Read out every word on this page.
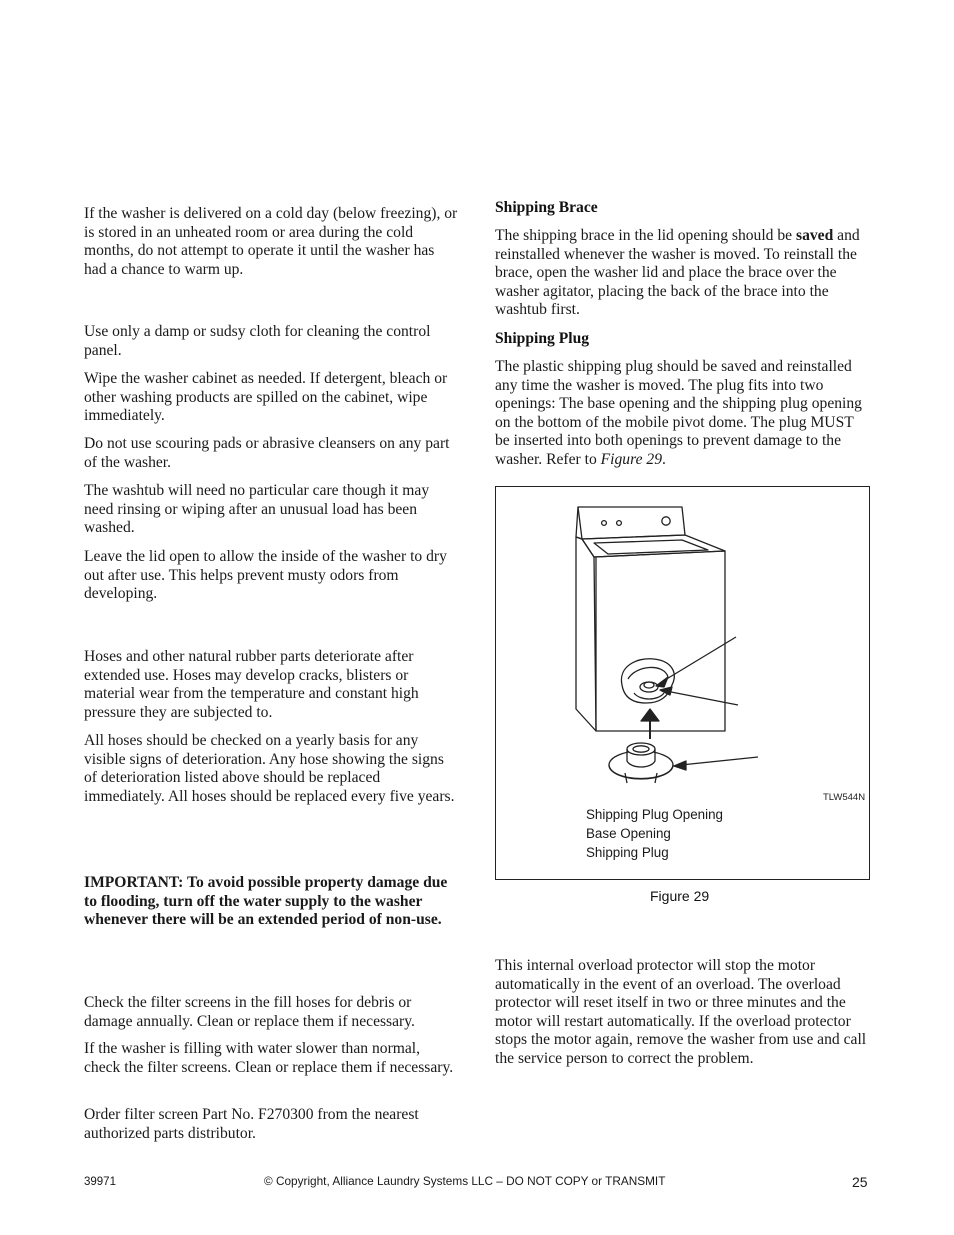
If the washer is delivered on a cold day (below freezing), or is stored in an unheated room or area during the cold months, do not attempt to operate it until the washer has had a chance to warm up.

Use only a damp or sudsy cloth for cleaning the control panel.

Wipe the washer cabinet as needed. If detergent, bleach or other washing products are spilled on the cabinet, wipe immediately.

Do not use scouring pads or abrasive cleansers on any part of the washer.

The washtub will need no particular care though it may need rinsing or wiping after an unusual load has been washed.

Leave the lid open to allow the inside of the washer to dry out after use. This helps prevent musty odors from developing.

Hoses and other natural rubber parts deteriorate after extended use. Hoses may develop cracks, blisters or material wear from the temperature and constant high pressure they are subjected to.

All hoses should be checked on a yearly basis for any visible signs of deterioration. Any hose showing the signs of deterioration listed above should be replaced immediately. All hoses should be replaced every five years.

IMPORTANT: To avoid possible property damage due to flooding, turn off the water supply to the washer whenever there will be an extended period of non-use.

Check the filter screens in the fill hoses for debris or damage annually. Clean or replace them if necessary.

If the washer is filling with water slower than normal, check the filter screens. Clean or replace them if necessary.

Order filter screen Part No. F270300 from the nearest authorized parts distributor.

Shipping Brace

The shipping brace in the lid opening should be saved and reinstalled whenever the washer is moved. To reinstall the brace, open the washer lid and place the brace over the washer agitator, placing the back of the brace into the washtub first.

Shipping Plug

The plastic shipping plug should be saved and reinstalled any time the washer is moved. The plug fits into two openings: The base opening and the shipping plug opening on the bottom of the mobile pivot dome. The plug MUST be inserted into both openings to prevent damage to the washer. Refer to Figure 29.

TLW544N

Shipping Plug Opening

Base Opening

Shipping Plug

Figure 29

This internal overload protector will stop the motor automatically in the event of an overload. The overload protector will reset itself in two or three minutes and the motor will restart automatically. If the overload protector stops the motor again, remove the washer from use and call the service person to correct the problem.

39971	© Copyright, Alliance Laundry Systems LLC – DO NOT COPY or TRANSMIT	25
